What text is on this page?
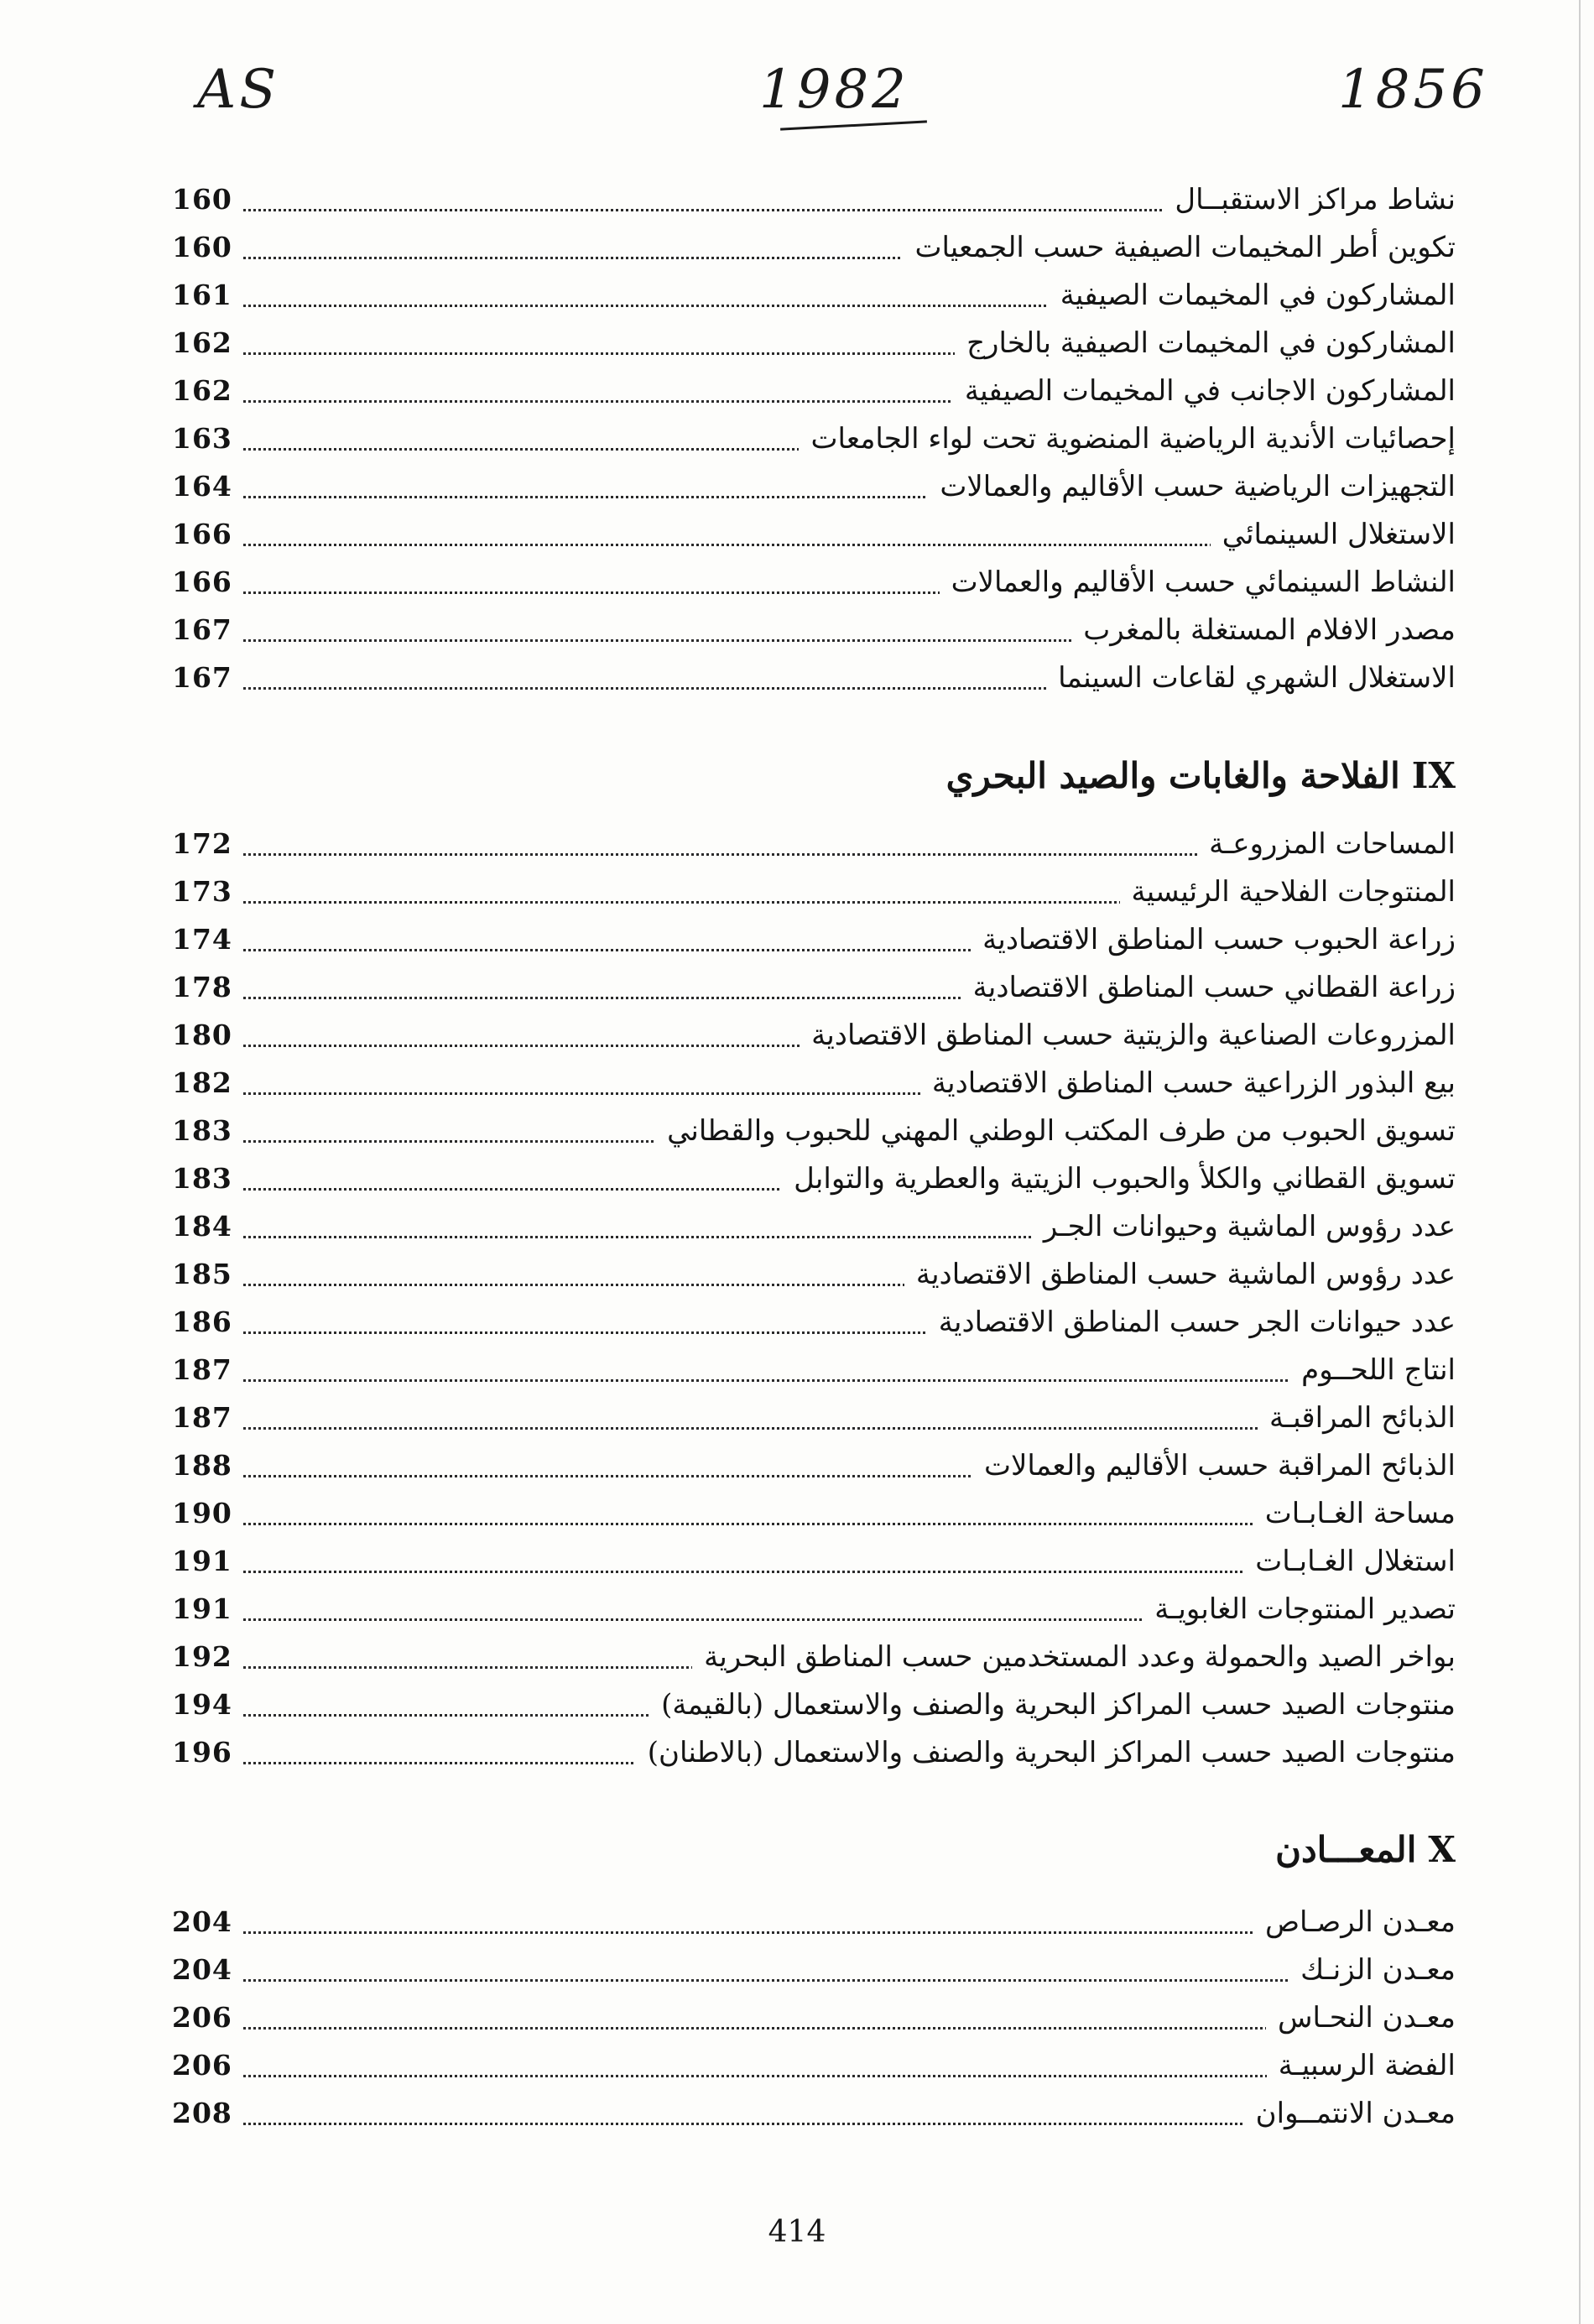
AS	1982	1856
نشاط مراكز الاستقبــال
160
تكوين أطر المخيمات الصيفية حسب الجمعيات
160
المشاركون في المخيمات الصيفية
161
المشاركون في المخيمات الصيفية بالخارج
162
المشاركون الاجانب في المخيمات الصيفية
162
إحصائيات الأندية الرياضية المنضوية تحت لواء الجامعات
163
التجهيزات الرياضية حسب الأقاليم والعمالات
164
الاستغلال السينمائي
166
النشاط السينمائي حسب الأقاليم والعمالات
166
مصدر الافلام المستغلة بالمغرب
167
الاستغلال الشهري لقاعات السينما
167
IXالفلاحة والغابات والصيد البحري
المساحات المزروعـة
172
المنتوجات الفلاحية الرئيسية
173
زراعة الحبوب حسب المناطق الاقتصادية
174
زراعة القطاني حسب المناطق الاقتصادية
178
المزروعات الصناعية والزيتية حسب المناطق الاقتصادية
180
بيع البذور الزراعية حسب المناطق الاقتصادية
182
تسويق الحبوب من طرف المكتب الوطني المهني للحبوب والقطاني
183
تسويق القطاني والكلأ والحبوب الزيتية والعطرية والتوابل
183
عدد رؤوس الماشية وحيوانات الجـر
184
عدد رؤوس الماشية حسب المناطق الاقتصادية
185
عدد حيوانات الجر حسب المناطق الاقتصادية
186
انتاج اللحــوم
187
الذبائح المراقبـة
187
الذبائح المراقبة حسب الأقاليم والعمالات
188
مساحة الغـابـات
190
استغلال الغـابـات
191
تصدير المنتوجات الغابويـة
191
بواخر الصيد والحمولة وعدد المستخدمين حسب المناطق البحرية
192
منتوجات الصيد حسب المراكز البحرية والصنف والاستعمال (بالقيمة)
194
منتوجات الصيد حسب المراكز البحرية والصنف والاستعمال (بالاطنان)
196
Xالمعـــادن
معـدن الرصـاص
204
معـدن الزنـك
204
معـدن النحـاس
206
الفضة الرسبيـة
206
معـدن الانتمــوان
208
414
